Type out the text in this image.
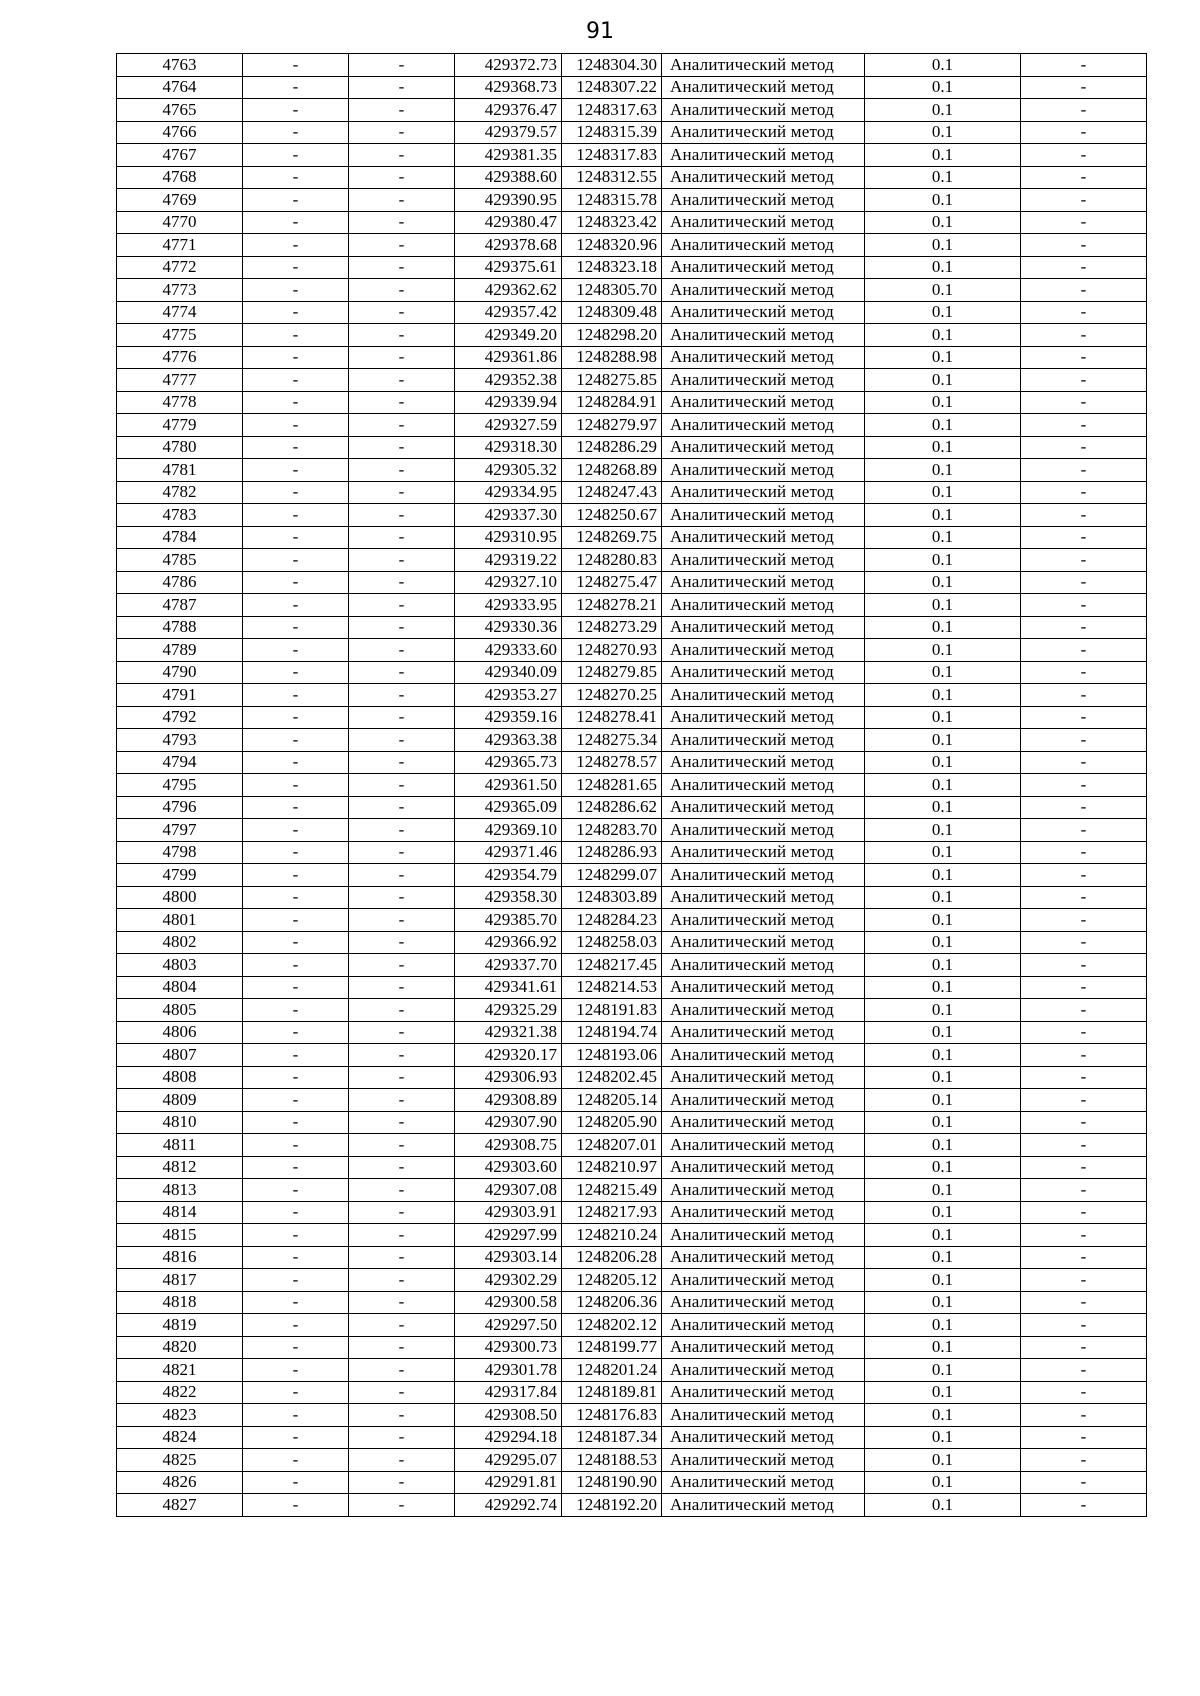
91
4763	-	-	429372.73	1248304.30	Аналитический метод	0.1	-
4764	-	-	429368.73	1248307.22	Аналитический метод	0.1	-
4765	-	-	429376.47	1248317.63	Аналитический метод	0.1	-
4766	-	-	429379.57	1248315.39	Аналитический метод	0.1	-
4767	-	-	429381.35	1248317.83	Аналитический метод	0.1	-
4768	-	-	429388.60	1248312.55	Аналитический метод	0.1	-
4769	-	-	429390.95	1248315.78	Аналитический метод	0.1	-
4770	-	-	429380.47	1248323.42	Аналитический метод	0.1	-
4771	-	-	429378.68	1248320.96	Аналитический метод	0.1	-
4772	-	-	429375.61	1248323.18	Аналитический метод	0.1	-
4773	-	-	429362.62	1248305.70	Аналитический метод	0.1	-
4774	-	-	429357.42	1248309.48	Аналитический метод	0.1	-
4775	-	-	429349.20	1248298.20	Аналитический метод	0.1	-
4776	-	-	429361.86	1248288.98	Аналитический метод	0.1	-
4777	-	-	429352.38	1248275.85	Аналитический метод	0.1	-
4778	-	-	429339.94	1248284.91	Аналитический метод	0.1	-
4779	-	-	429327.59	1248279.97	Аналитический метод	0.1	-
4780	-	-	429318.30	1248286.29	Аналитический метод	0.1	-
4781	-	-	429305.32	1248268.89	Аналитический метод	0.1	-
4782	-	-	429334.95	1248247.43	Аналитический метод	0.1	-
4783	-	-	429337.30	1248250.67	Аналитический метод	0.1	-
4784	-	-	429310.95	1248269.75	Аналитический метод	0.1	-
4785	-	-	429319.22	1248280.83	Аналитический метод	0.1	-
4786	-	-	429327.10	1248275.47	Аналитический метод	0.1	-
4787	-	-	429333.95	1248278.21	Аналитический метод	0.1	-
4788	-	-	429330.36	1248273.29	Аналитический метод	0.1	-
4789	-	-	429333.60	1248270.93	Аналитический метод	0.1	-
4790	-	-	429340.09	1248279.85	Аналитический метод	0.1	-
4791	-	-	429353.27	1248270.25	Аналитический метод	0.1	-
4792	-	-	429359.16	1248278.41	Аналитический метод	0.1	-
4793	-	-	429363.38	1248275.34	Аналитический метод	0.1	-
4794	-	-	429365.73	1248278.57	Аналитический метод	0.1	-
4795	-	-	429361.50	1248281.65	Аналитический метод	0.1	-
4796	-	-	429365.09	1248286.62	Аналитический метод	0.1	-
4797	-	-	429369.10	1248283.70	Аналитический метод	0.1	-
4798	-	-	429371.46	1248286.93	Аналитический метод	0.1	-
4799	-	-	429354.79	1248299.07	Аналитический метод	0.1	-
4800	-	-	429358.30	1248303.89	Аналитический метод	0.1	-
4801	-	-	429385.70	1248284.23	Аналитический метод	0.1	-
4802	-	-	429366.92	1248258.03	Аналитический метод	0.1	-
4803	-	-	429337.70	1248217.45	Аналитический метод	0.1	-
4804	-	-	429341.61	1248214.53	Аналитический метод	0.1	-
4805	-	-	429325.29	1248191.83	Аналитический метод	0.1	-
4806	-	-	429321.38	1248194.74	Аналитический метод	0.1	-
4807	-	-	429320.17	1248193.06	Аналитический метод	0.1	-
4808	-	-	429306.93	1248202.45	Аналитический метод	0.1	-
4809	-	-	429308.89	1248205.14	Аналитический метод	0.1	-
4810	-	-	429307.90	1248205.90	Аналитический метод	0.1	-
4811	-	-	429308.75	1248207.01	Аналитический метод	0.1	-
4812	-	-	429303.60	1248210.97	Аналитический метод	0.1	-
4813	-	-	429307.08	1248215.49	Аналитический метод	0.1	-
4814	-	-	429303.91	1248217.93	Аналитический метод	0.1	-
4815	-	-	429297.99	1248210.24	Аналитический метод	0.1	-
4816	-	-	429303.14	1248206.28	Аналитический метод	0.1	-
4817	-	-	429302.29	1248205.12	Аналитический метод	0.1	-
4818	-	-	429300.58	1248206.36	Аналитический метод	0.1	-
4819	-	-	429297.50	1248202.12	Аналитический метод	0.1	-
4820	-	-	429300.73	1248199.77	Аналитический метод	0.1	-
4821	-	-	429301.78	1248201.24	Аналитический метод	0.1	-
4822	-	-	429317.84	1248189.81	Аналитический метод	0.1	-
4823	-	-	429308.50	1248176.83	Аналитический метод	0.1	-
4824	-	-	429294.18	1248187.34	Аналитический метод	0.1	-
4825	-	-	429295.07	1248188.53	Аналитический метод	0.1	-
4826	-	-	429291.81	1248190.90	Аналитический метод	0.1	-
4827	-	-	429292.74	1248192.20	Аналитический метод	0.1	-
